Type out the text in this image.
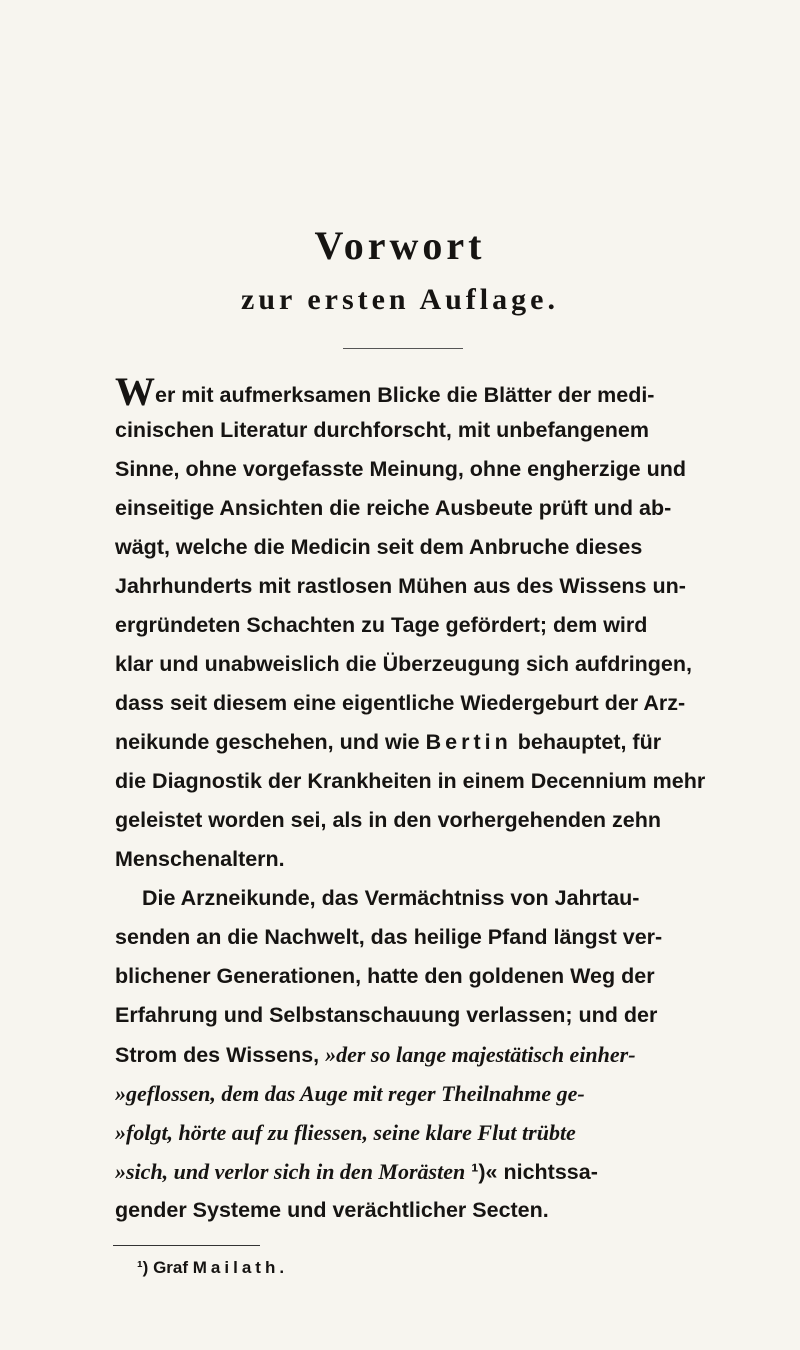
Vorwort
zur ersten Auflage.
Wer mit aufmerksamen Blicke die Blätter der medi-
cinischen Literatur durchforscht, mit unbefangenem
Sinne, ohne vorgefasste Meinung, ohne engherzige und
einseitige Ansichten die reiche Ausbeute prüft und ab-
wägt, welche die Medicin seit dem Anbruche dieses
Jahrhunderts mit rastlosen Mühen aus des Wissens un-
ergründeten Schachten zu Tage gefördert; dem wird
klar und unabweislich die Überzeugung sich aufdringen,
dass seit diesem eine eigentliche Wiedergeburt der Arz-
neikunde geschehen, und wie Bertin behauptet, für
die Diagnostik der Krankheiten in einem Decennium mehr
geleistet worden sei, als in den vorhergehenden zehn
Menschenaltern.
Die Arzneikunde, das Vermächtniss von Jahrtau-
senden an die Nachwelt, das heilige Pfand längst ver-
blichener Generationen, hatte den goldenen Weg der
Erfahrung und Selbstanschauung verlassen; und der
Strom des Wissens, »der so lange majestätisch einher-
»geflossen, dem das Auge mit reger Theilnahme ge-
»folgt, hörte auf zu fliessen, seine klare Flut trübte
»sich, und verlor sich in den Morästen ¹)« nichtssa-
gender Systeme und verächtlicher Secten.
¹) Graf Mailath.
